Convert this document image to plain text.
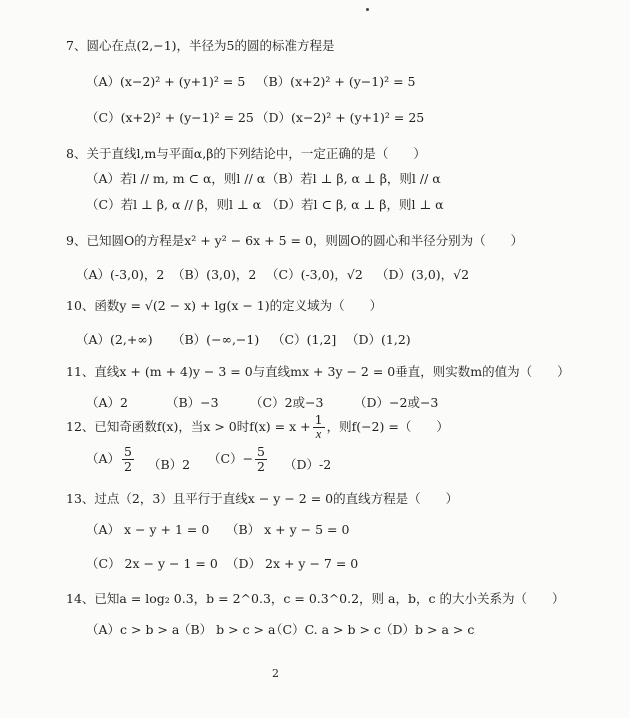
7、圆心在点(2,−1)，半径为5的圆的标准方程是
（A）(x−2)² + (y+1)² = 5 （B）(x+2)² + (y−1)² = 5
（C）(x+2)² + (y−1)² = 25 （D）(x−2)² + (y+1)² = 25
8、关于直线l,m与平面α,β的下列结论中，一定正确的是（　　）
（A）若l // m, m ⊂ α，则l // α （B）若l ⊥ β, α ⊥ β，则l // α
（C）若l ⊥ β, α // β，则l ⊥ α （D）若l ⊂ β, α ⊥ β，则l ⊥ α
9、已知圆O的方程是x² + y² − 6x + 5 = 0，则圆O的圆心和半径分别为（　　）
（A）(-3,0)，2 （B）(3,0)，2 （C）(-3,0)，√2 （D）(3,0)，√2
10、函数y = √(2 − x) + lg(x − 1)的定义域为（　　）
（A）(2,+∞) （B）(−∞,−1) （C）(1,2] （D）(1,2)
11、直线x + (m + 4)y − 3 = 0与直线mx + 3y − 2 = 0垂直，则实数m的值为（　　）
（A）2	（B）−3	（C）2或−3 （D）−2或−3
12、已知奇函数f(x)，当x > 0时$f(x) = x + \frac{1}{x}$ ，则f(−2) =（　　）
$(A) \frac{5}{2} (B)2$ $(C)- \frac{5}{2} (D)-2$
13、过点（2，3）且平行于直线x − y − 2 = 0的直线方程是（　　）
（A） x − y + 1 = 0 （B） x + y − 5 = 0
（C） 2x − y − 1 = 0 （D） 2x + y − 7 = 0
14、已知a = log₂ 0.3，b = 2^0.3，c = 0.3^0.2，则 a，b，c 的大小关系为（　　）
（A）c > b > a
（B） b > c > a
（C）C. a > b > c （D）b > a > c
2
